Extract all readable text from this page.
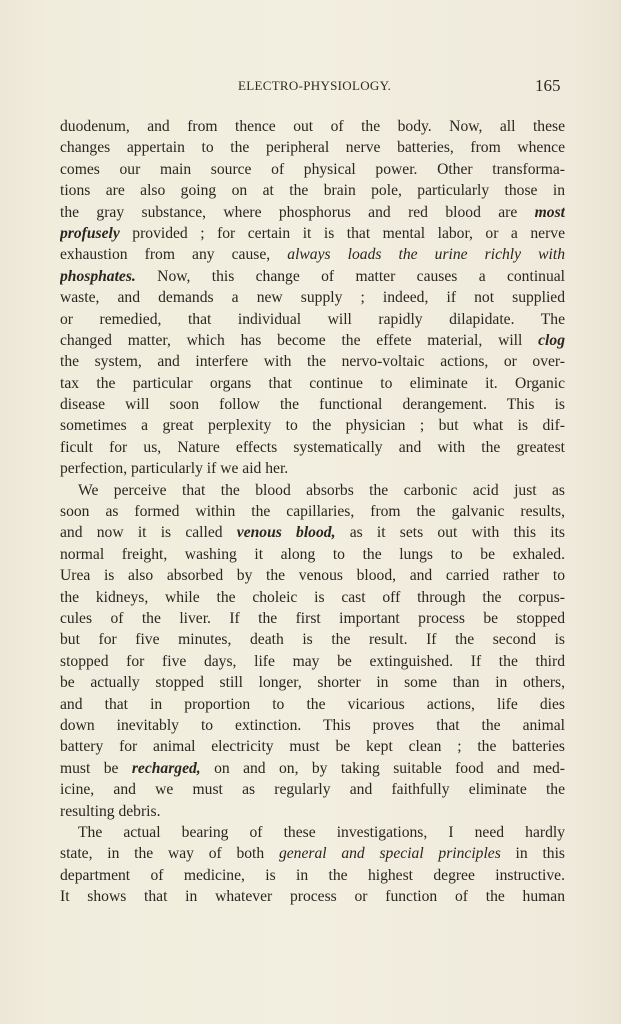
ELECTRO-PHYSIOLOGY.	165
duodenum, and from thence out of the body. Now, all these
changes appertain to the peripheral nerve batteries, from whence
comes our main source of physical power. Other transforma-
tions are also going on at the brain pole, particularly those in
the gray substance, where phosphorus and red blood are most
profusely provided ; for certain it is that mental labor, or a nerve
exhaustion from any cause, always loads the urine richly with
phosphates. Now, this change of matter causes a continual
waste, and demands a new supply ; indeed, if not supplied
or remedied, that individual will rapidly dilapidate. The
changed matter, which has become the effete material, will clog
the system, and interfere with the nervo-voltaic actions, or over-
tax the particular organs that continue to eliminate it. Organic
disease will soon follow the functional derangement. This is
sometimes a great perplexity to the physician ; but what is dif-
ficult for us, Nature effects systematically and with the greatest
perfection, particularly if we aid her.
We perceive that the blood absorbs the carbonic acid just as
soon as formed within the capillaries, from the galvanic results,
and now it is called venous blood, as it sets out with this its
normal freight, washing it along to the lungs to be exhaled.
Urea is also absorbed by the venous blood, and carried rather to
the kidneys, while the choleic is cast off through the corpus-
cules of the liver. If the first important process be stopped
but for five minutes, death is the result. If the second is
stopped for five days, life may be extinguished. If the third
be actually stopped still longer, shorter in some than in others,
and that in proportion to the vicarious actions, life dies
down inevitably to extinction. This proves that the animal
battery for animal electricity must be kept clean ; the batteries
must be recharged, on and on, by taking suitable food and med-
icine, and we must as regularly and faithfully eliminate the
resulting debris.
The actual bearing of these investigations, I need hardly
state, in the way of both general and special principles in this
department of medicine, is in the highest degree instructive.
It shows that in whatever process or function of the human
